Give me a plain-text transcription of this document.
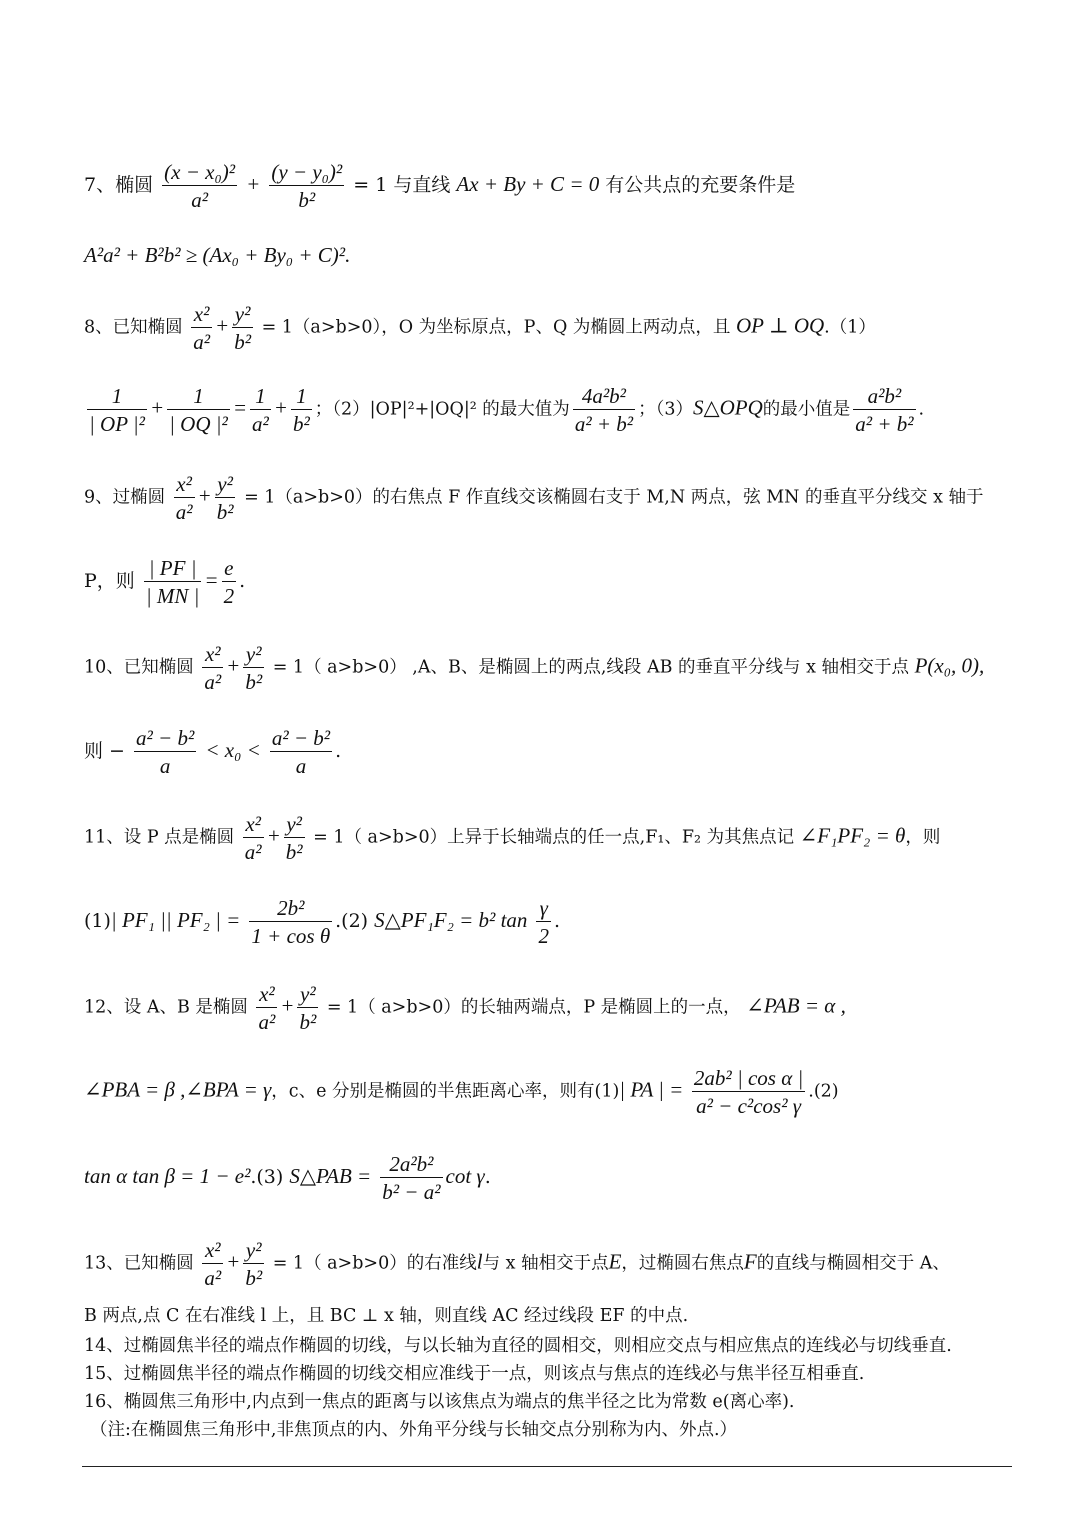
7、椭圆 $\frac{\text{(x − x₀)²}}{\text{a²}} + \frac{\text{(y − y₀)²}}{\text{b²}} = 1$ 与直线 Ax + By + C = 0 有公共点的充要条件是
A²a² + B²b² ≥ (Ax₀ + By₀ + C)².
8、已知椭圆 $\frac{\text{x²}}{\text{a²}} + \frac{\text{y²}}{\text{b²}} = 1(a>b>0)$，O 为坐标原点，P、Q 为椭圆上两动点，且 OP ⊥ OQ.（1）
$\frac{1}{\text{| OP |²}} + \frac{1}{\text{| OQ |²}} = \frac{1}{\text{a²}} + \frac{1}{\text{b²}}$ ；（2）|OP|²+|OQ|² 的最大值为 $\frac{\text{4a²b²}}{\text{a² + b²}}$ ；（3）S△OPQ的最小值是 $\frac{\text{a²b²}}{\text{a² + b²}}$ .
9、过椭圆 $\frac{\text{x²}}{\text{a²}} + \frac{\text{y²}}{\text{b²}} = 1(a>b>0)$的右焦点 F 作直线交该椭圆右支于 M,N 两点，弦 MN 的垂直平分线交 x 轴于
P，则 $\frac{| PF |}{| MN |} = \frac{e}{2}$ .
10、已知椭圆 $\frac{\text{x²}}{\text{a²}} + \frac{\text{y²}}{\text{b²}} = 1$（ a>b>0） ,A、B、是椭圆上的两点,线段 AB 的垂直平分线与 x 轴相交于点 P(x₀, 0),
则 − $\frac{\text{a² − b²}}{a} < x_0 < \frac{\text{a² − b²}}{a}$ .
11、设 P 点是椭圆 $\frac{\text{x²}}{\text{a²}} + \frac{\text{y²}}{\text{b²}} = 1$（ a>b>0）上异于长轴端点的任一点,F₁、F₂ 为其焦点记 ∠F₁PF₂ = θ，则
(1)| PF₁ || PF₂ | = $\frac{\text{2b²}}{\text{1 + cos θ}} .(2)$ S△PF₁F₂ = b² $\tan \frac{\gamma}{2}$ .
12、设 A、B 是椭圆 $\frac{\text{x²}}{\text{a²}} + \frac{\text{y²}}{\text{b²}} = 1$（ a>b>0）的长轴两端点，P 是椭圆上的一点， ∠PAB = α ,
∠PBA = β ,∠BPA = γ，c、e 分别是椭圆的半焦距离心率，则有(1)| PA | = $\frac{\text{2ab² | cos α |}}{\text{a² − c²cos² γ}} .(2)$
tan α tan β = 1 − e².(3) S△PAB = $\frac{\text{2a²b²}}{\text{b² − a²}}$ cot γ.
13、已知椭圆 $\frac{\text{x²}}{\text{a²}} + \frac{\text{y²}}{\text{b²}} = 1$（ a>b>0）的右准线l与 x 轴相交于点E，过椭圆右焦点F的直线与椭圆相交于 A、
B 两点,点 C 在右准线 l 上，且 BC ⊥ x 轴，则直线 AC 经过线段 EF 的中点.
14、过椭圆焦半径的端点作椭圆的切线，与以长轴为直径的圆相交，则相应交点与相应焦点的连线必与切线垂直.
15、过椭圆焦半径的端点作椭圆的切线交相应准线于一点，则该点与焦点的连线必与焦半径互相垂直.
16、椭圆焦三角形中,内点到一焦点的距离与以该焦点为端点的焦半径之比为常数 e(离心率).
（注:在椭圆焦三角形中,非焦顶点的内、外角平分线与长轴交点分别称为内、外点.）
